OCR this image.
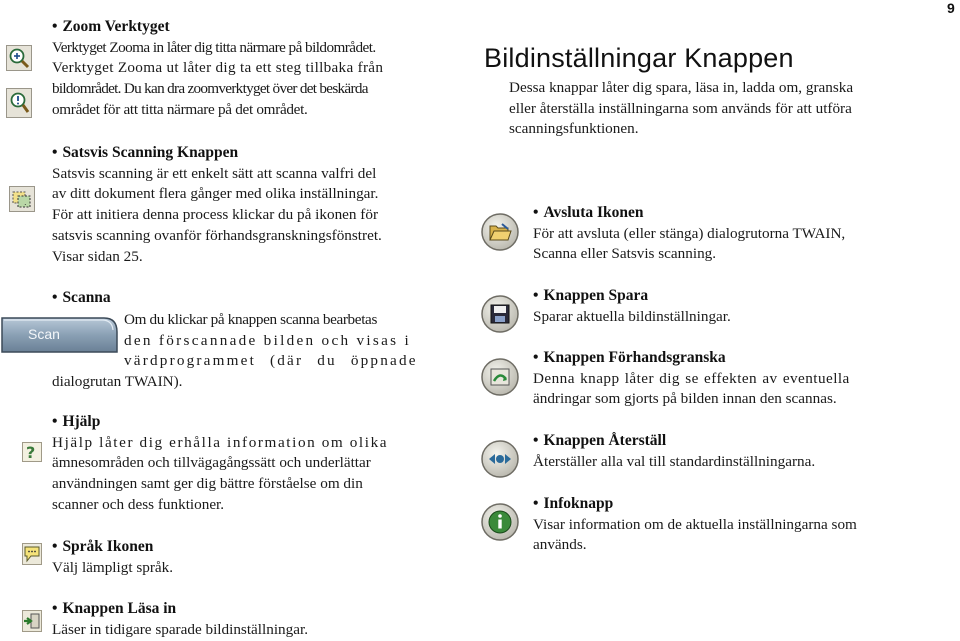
9

• Zoom Verktyget

Verktyget Zooma in låter dig titta närmare på bildområdet.

Verktyget Zooma ut låter dig ta ett steg tillbaka från

bildområdet. Du kan dra zoomverktyget över det beskärda

området för att titta närmare på det området.

.

• Satsvis Scanning Knappen

Satsvis scanning är ett enkelt sätt att scanna valfri del

av ditt dokument flera gånger med olika inställningar.

För att initiera denna process klickar du på ikonen för

satsvis scanning ovanför förhandsgranskningsfönstret.

Visar sidan 25.

• Scanna

Scan

Om du klickar på knappen scanna bearbetas

den förscannade bilden och visas i

värdprogrammet (där du öppnade

dialogrutan TWAIN).

?

• Hjälp

Hjälp låter dig erhålla information om olika

ämnesområden och tillvägagångssätt och underlättar

användningen samt ger dig bättre förståelse om din

scanner och dess funktioner.

• Språk Ikonen

Välj lämpligt språk.

• Knappen Läsa in

Läser in tidigare sparade bildinställningar.

Bildinställningar Knappen

Dessa knappar låter dig spara, läsa in, ladda om, granska

eller återställa inställningarna som används för att utföra

scanningsfunktionen.

• Avsluta Ikonen

För att avsluta (eller stänga) dialogrutorna TWAIN,

Scanna eller Satsvis scanning.

• Knappen Spara

Sparar aktuella bildinställningar.

• Knappen Förhandsgranska

Denna knapp låter dig se effekten av eventuella

ändringar som gjorts på bilden innan den scannas.

• Knappen Återställ

Återställer alla val till standardinställningarna.

• Infoknapp

Visar information om de aktuella inställningarna som

används.
